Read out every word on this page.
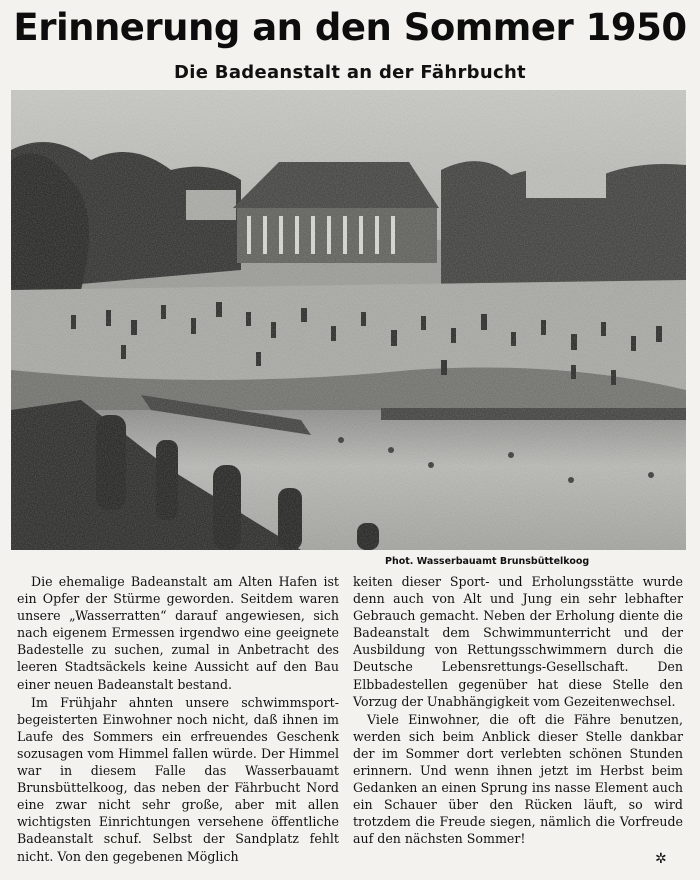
Erinnerung an den Sommer 1950
Die Badeanstalt an der Fährbucht
Phot. Wasserbauamt Brunsbüttelkoog

Die ehemalige Badeanstalt am Alten Hafen ist ein Opfer der Stürme geworden. Seitdem waren unsere „Wasserratten“ darauf angewiesen, sich nach eigenem Ermessen irgendwo eine geeignete Badestelle zu suchen, zumal in Anbetracht des leeren Stadtsäckels keine Aussicht auf den Bau einer neuen Badeanstalt bestand.

Im Frühjahr ahnten unsere schwimmsportbegeisterten Einwohner noch nicht, daß ihnen im Laufe des Sommers ein erfreuendes Geschenk sozusagen vom Himmel fallen würde. Der Himmel war in diesem Falle das Wasserbauamt Brunsbüttelkoog, das neben der Fährbucht Nord eine zwar nicht sehr große, aber mit allen wichtigsten Einrichtungen versehene öffentliche Badeanstalt schuf. Selbst der Sandplatz fehlt nicht. Von den gegebenen Möglich

keiten dieser Sport- und Erholungsstätte wurde denn auch von Alt und Jung ein sehr lebhafter Gebrauch gemacht. Neben der Erholung diente die Badeanstalt dem Schwimmunterricht und der Ausbildung von Rettungsschwimmern durch die Deutsche Lebensrettungs-Gesellschaft. Den Elbbadestellen gegenüber hat diese Stelle den Vorzug der Unabhängigkeit vom Gezeitenwechsel.

Viele Einwohner, die oft die Fähre benutzen, werden sich beim Anblick dieser Stelle dankbar der im Sommer dort verlebten schönen Stunden erinnern. Und wenn ihnen jetzt im Herbst beim Gedanken an einen Sprung ins nasse Element auch ein Schauer über den Rücken läuft, so wird trotzdem die Freude siegen, nämlich die Vorfreude auf den nächsten Sommer!

✲
